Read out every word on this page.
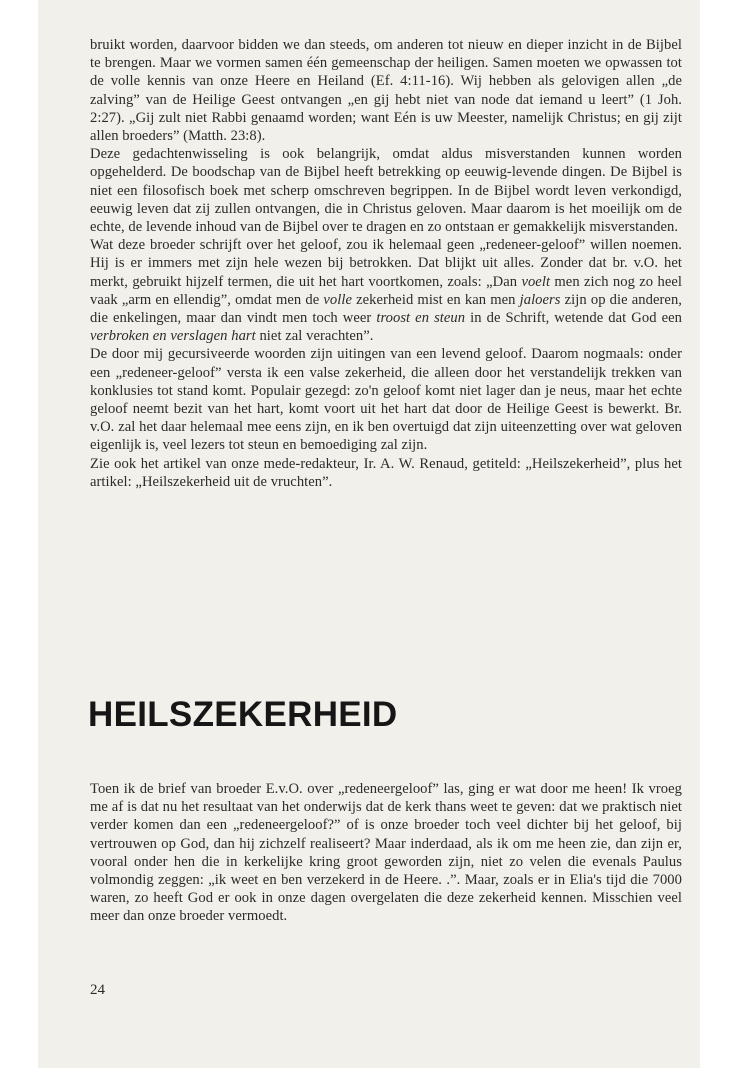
bruikt worden, daarvoor bidden we dan steeds, om anderen tot nieuw en dieper inzicht in de Bijbel te brengen. Maar we vormen samen één gemeenschap der heiligen. Samen moeten we opwassen tot de volle kennis van onze Heere en Heiland (Ef. 4:11-16). Wij hebben als gelovigen allen „de zalving” van de Heilige Geest ontvangen „en gij hebt niet van node dat iemand u leert” (1 Joh. 2:27). „Gij zult niet Rabbi genaamd worden; want Eén is uw Meester, namelijk Christus; en gij zijt allen broeders” (Matth. 23:8).

Deze gedachtenwisseling is ook belangrijk, omdat aldus misverstanden kunnen worden opgehelderd. De boodschap van de Bijbel heeft betrekking op eeuwig-levende dingen. De Bijbel is niet een filosofisch boek met scherp omschreven begrippen. In de Bijbel wordt leven verkondigd, eeuwig leven dat zij zullen ontvangen, die in Christus geloven. Maar daarom is het moeilijk om de echte, de levende inhoud van de Bijbel over te dragen en zo ontstaan er gemakkelijk misverstanden.

Wat deze broeder schrijft over het geloof, zou ik helemaal geen „redeneer-geloof” willen noemen. Hij is er immers met zijn hele wezen bij betrokken. Dat blijkt uit alles. Zonder dat br. v.O. het merkt, gebruikt hijzelf termen, die uit het hart voortkomen, zoals: „Dan voelt men zich nog zo heel vaak „arm en ellendig”, omdat men de volle zekerheid mist en kan men jaloers zijn op die anderen, die enkelingen, maar dan vindt men toch weer troost en steun in de Schrift, wetende dat God een verbroken en verslagen hart niet zal verachten”.

De door mij gecursiveerde woorden zijn uitingen van een levend geloof. Daarom nogmaals: onder een „redeneer-geloof” versta ik een valse zekerheid, die alleen door het verstandelijk trekken van konklusies tot stand komt. Populair gezegd: zo'n geloof komt niet lager dan je neus, maar het echte geloof neemt bezit van het hart, komt voort uit het hart dat door de Heilige Geest is bewerkt. Br. v.O. zal het daar helemaal mee eens zijn, en ik ben overtuigd dat zijn uiteenzetting over wat geloven eigenlijk is, veel lezers tot steun en bemoediging zal zijn.

Zie ook het artikel van onze mede-redakteur, Ir. A. W. Renaud, getiteld: „Heilszekerheid”, plus het artikel: „Heilszekerheid uit de vruchten”.

HEILSZEKERHEID

Toen ik de brief van broeder E.v.O. over „redeneergeloof” las, ging er wat door me heen! Ik vroeg me af is dat nu het resultaat van het onderwijs dat de kerk thans weet te geven: dat we praktisch niet verder komen dan een „redeneergeloof?” of is onze broeder toch veel dichter bij het geloof, bij vertrouwen op God, dan hij zichzelf realiseert? Maar inderdaad, als ik om me heen zie, dan zijn er, vooral onder hen die in kerkelijke kring groot geworden zijn, niet zo velen die evenals Paulus volmondig zeggen: „ik weet en ben verzekerd in de Heere. .”. Maar, zoals er in Elia's tijd die 7000 waren, zo heeft God er ook in onze dagen overgelaten die deze zekerheid kennen. Misschien veel meer dan onze broeder vermoedt.

24
